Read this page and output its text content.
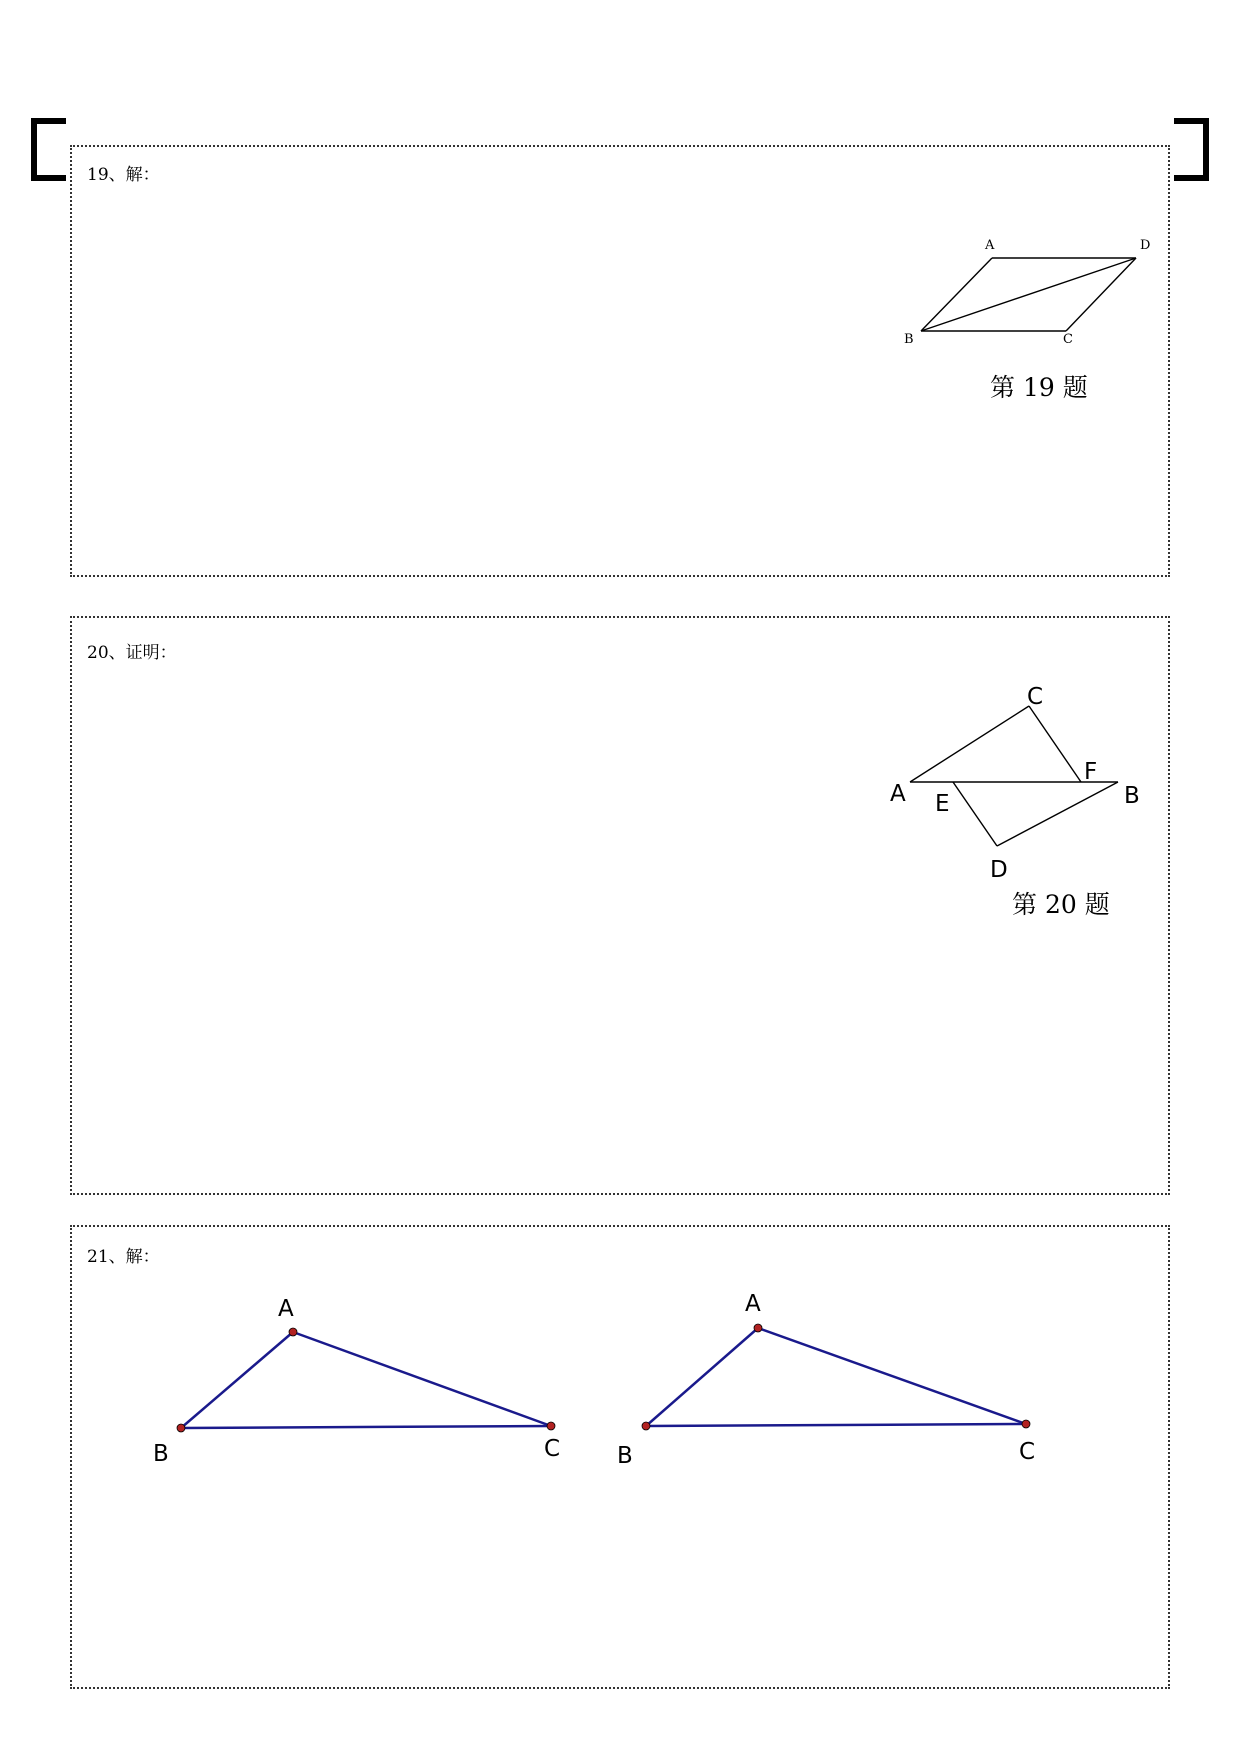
19、解：
A	D
B	C
第 19 题
20、证明：
C
F
A E	B
D
第 20 题
21、解：
A
B	C
A
B	C
